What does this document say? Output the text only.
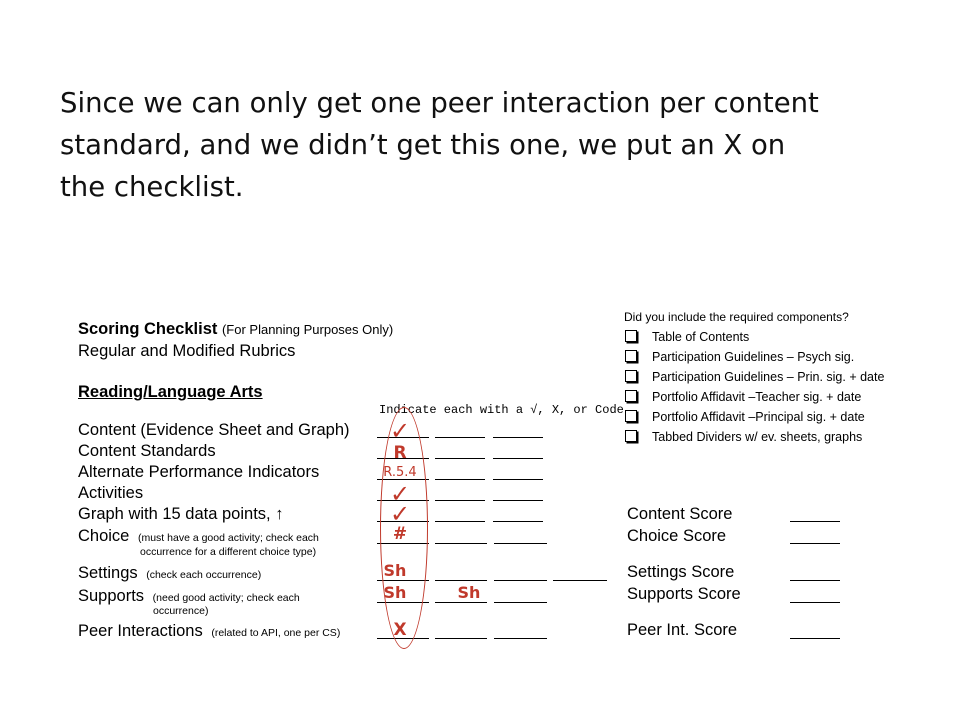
Since we can only get one peer interaction per content
standard, and we didn’t get this one, we put an X on
the checklist.
Scoring Checklist (For Planning Purposes Only)
Regular and Modified Rubrics
Reading/Language Arts
Indicate each with a √, X, or Code
Content (Evidence Sheet and Graph)
Content Standards
Alternate Performance Indicators
Activities
Graph with 15 data points, ↑
Choice (must have a good activity; check each
occurrence for a different choice type)
Settings (check each occurrence)
Supports (need good activity; check each
occurrence)
Peer Interactions (related to API, one per CS)
Did you include the required components?
Table of Contents
Participation Guidelines – Psych sig.
Participation Guidelines – Prin. sig. + date
Portfolio Affidavit –Teacher sig. + date
Portfolio Affidavit –Principal sig. + date
Tabbed Dividers w/ ev. sheets, graphs
Content Score
Choice Score
Settings Score
Supports Score
Peer Int. Score
✓
R
R.5.4
✓
✓
#
Sh
Sh	Sh
X
